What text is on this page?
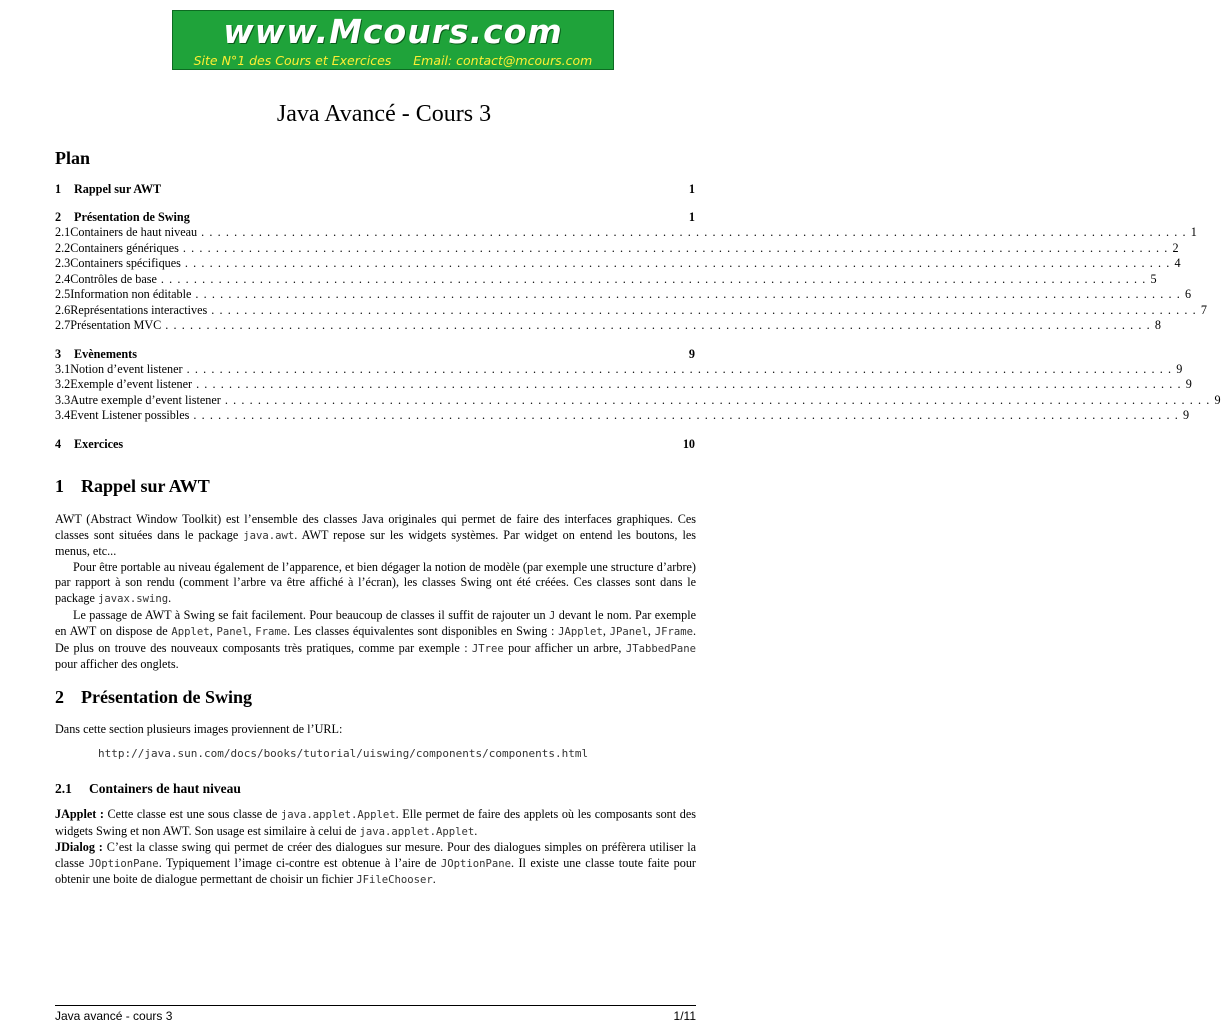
www.Mcours.com
Site N°1 des Cours et Exercices Email: contact@mcours.com
Java Avancé - Cours 3
Plan
1	Rappel sur AWT	1
2	Présentation de Swing	1
2.1 Containers de haut niveau ........................................................................................................................ 1
2.2 Containers génériques ........................................................................................................................ 2
2.3 Containers spécifiques ........................................................................................................................ 4
2.4 Contrôles de base ........................................................................................................................ 5
2.5 Information non éditable ........................................................................................................................ 6
2.6 Représentations interactives ........................................................................................................................ 7
2.7 Présentation MVC ........................................................................................................................ 8
3	Evènements	9
3.1 Notion d’event listener ........................................................................................................................ 9
3.2 Exemple d’event listener ........................................................................................................................ 9
3.3 Autre exemple d’event listener ........................................................................................................................ 9
3.4 Event Listener possibles ........................................................................................................................ 9
4	Exercices	10
1 Rappel sur AWT

AWT (Abstract Window Toolkit) est l’ensemble des classes Java originales qui permet de faire des interfaces graphiques. Ces classes sont situées dans le package java.awt. AWT repose sur les widgets systèmes. Par widget on entend les boutons, les menus, etc...

Pour être portable au niveau également de l’apparence, et bien dégager la notion de modèle (par exemple une structure d’arbre) par rapport à son rendu (comment l’arbre va être affiché à l’écran), les classes Swing ont été créées. Ces classes sont dans le package javax.swing.

Le passage de AWT à Swing se fait facilement. Pour beaucoup de classes il suffit de rajouter un J devant le nom. Par exemple en AWT on dispose de Applet, Panel, Frame. Les classes équivalentes sont disponibles en Swing : JApplet, JPanel, JFrame. De plus on trouve des nouveaux composants très pratiques, comme par exemple : JTree pour afficher un arbre, JTabbedPane pour afficher des onglets.

2 Présentation de Swing
Dans cette section plusieurs images proviennent de l’URL:
http://java.sun.com/docs/books/tutorial/uiswing/components/components.html
2.1 Containers de haut niveau

JApplet : Cette classe est une sous classe de java.applet.Applet. Elle permet de faire des applets où les composants sont des widgets Swing et non AWT. Son usage est similaire à celui de java.applet.Applet.

JDialog : C’est la classe swing qui permet de créer des dialogues sur mesure. Pour des dialogues simples on préfèrera utiliser la classe JOptionPane. Typiquement l’image ci-contre est obtenue à l’aire de JOptionPane. Il existe une classe toute faite pour obtenir une boite de dialogue permettant de choisir un fichier JFileChooser.

Java avancé - cours 3	1/11
